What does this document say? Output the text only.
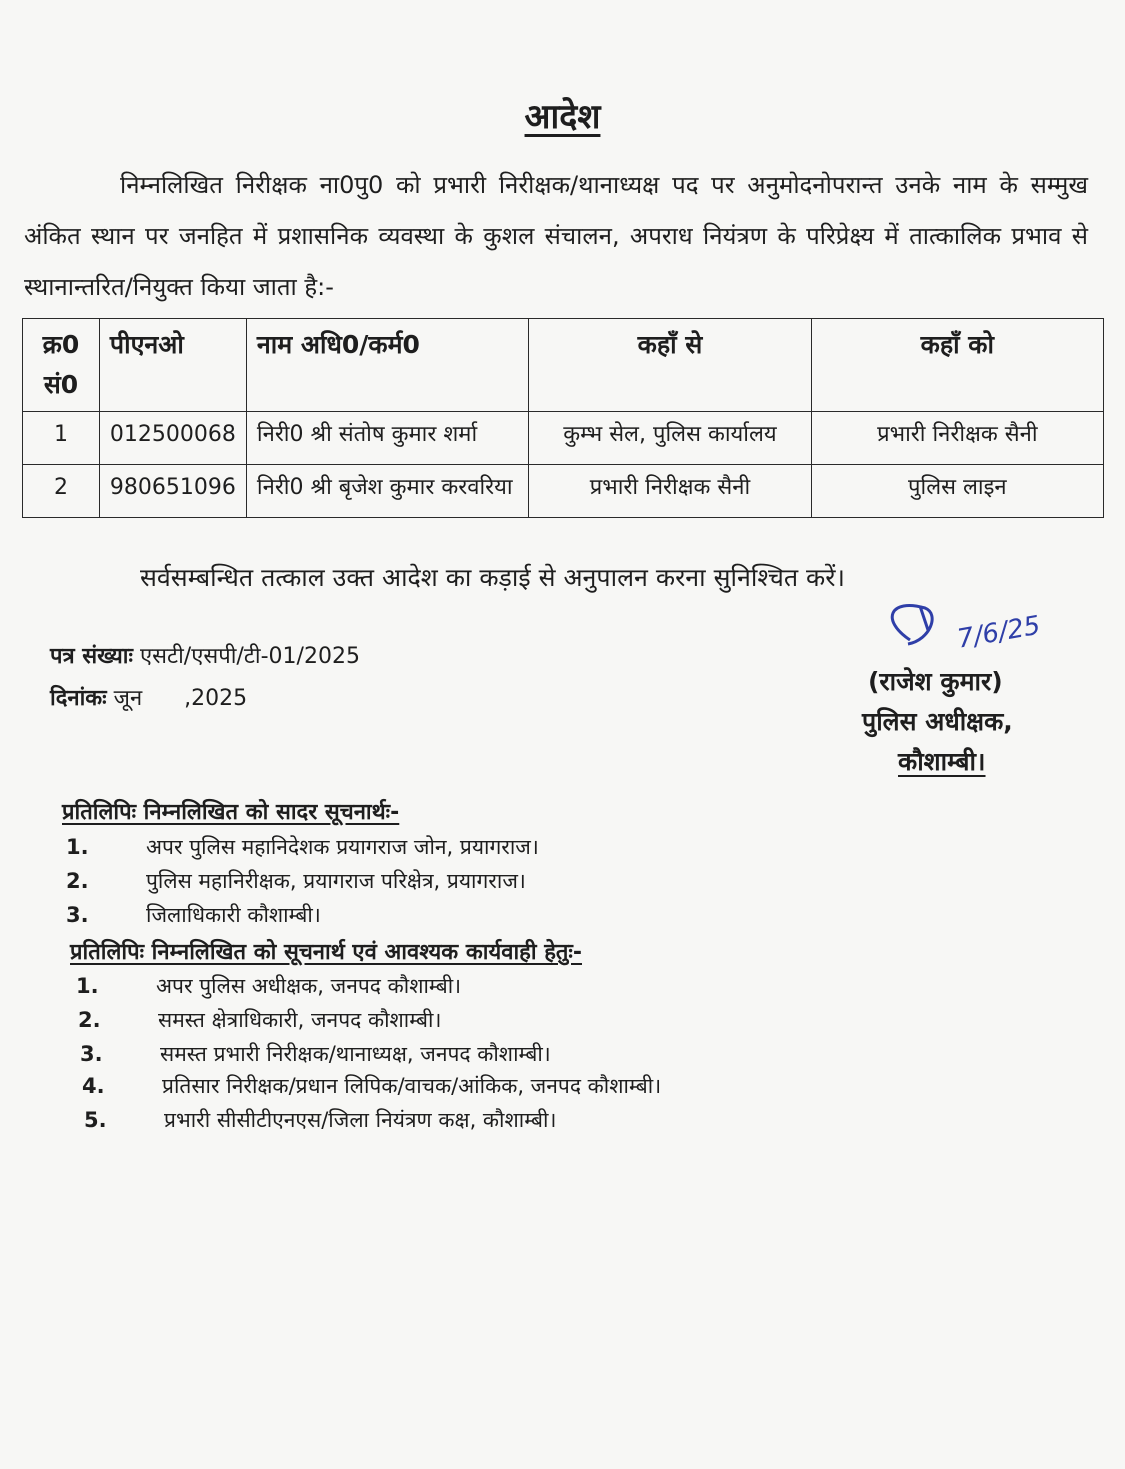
आदेश

निम्नलिखित निरीक्षक ना0पु0 को प्रभारी निरीक्षक/थानाध्यक्ष पद पर अनुमोदनोपरान्त उनके नाम के सम्मुख अंकित स्थान पर जनहित में प्रशासनिक व्यवस्था के कुशल संचालन, अपराध नियंत्रण के परिप्रेक्ष्य में तात्कालिक प्रभाव से स्थानान्तरित/नियुक्त किया जाता है:-

क्र0 सं0	पीएनओ	नाम अधि0/कर्म0	कहाँ से	कहाँ को
1	012500068	निरी0 श्री संतोष कुमार शर्मा	कुम्भ सेल, पुलिस कार्यालय	प्रभारी निरीक्षक सैनी
2	980651096	निरी0 श्री बृजेश कुमार करवरिया	प्रभारी निरीक्षक सैनी	पुलिस लाइन
सर्वसम्बन्धित तत्काल उक्त आदेश का कड़ाई से अनुपालन करना सुनिश्चित करें।
पत्र संख्याः एसटी/एसपी/टी-01/2025
दिनांकः जून      ,2025
7/6/25
(राजेश कुमार)
पुलिस अधीक्षक,
कौशाम्बी।
प्रतिलिपिः निम्नलिखित को सादर सूचनार्थः-
1.	अपर पुलिस महानिदेशक प्रयागराज जोन, प्रयागराज।
2.	पुलिस महानिरीक्षक, प्रयागराज परिक्षेत्र, प्रयागराज।
3.	जिलाधिकारी कौशाम्बी।
प्रतिलिपिः निम्नलिखित को सूचनार्थ एवं आवश्यक कार्यवाही हेतुः-
1.	अपर पुलिस अधीक्षक, जनपद कौशाम्बी।
2.	समस्त क्षेत्राधिकारी, जनपद कौशाम्बी।
3.	समस्त प्रभारी निरीक्षक/थानाध्यक्ष, जनपद कौशाम्बी।
4.	प्रतिसार निरीक्षक/प्रधान लिपिक/वाचक/आंकिक, जनपद कौशाम्बी।
5.	प्रभारी सीसीटीएनएस/जिला नियंत्रण कक्ष, कौशाम्बी।
